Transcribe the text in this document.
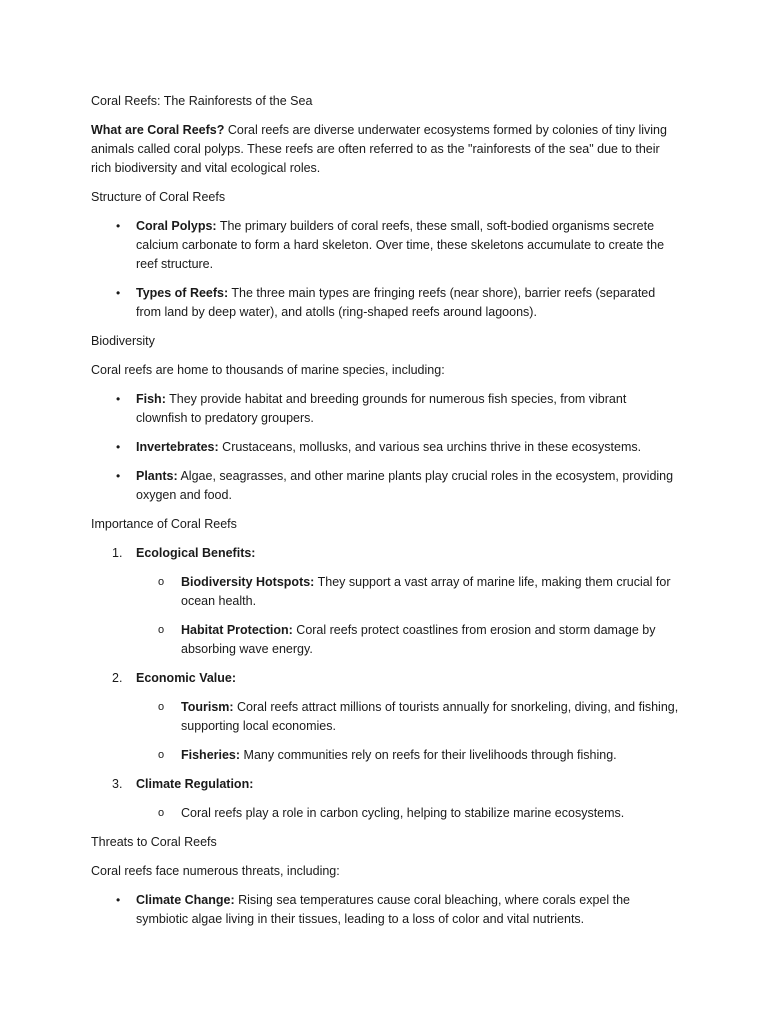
Coral Reefs: The Rainforests of the Sea

What are Coral Reefs? Coral reefs are diverse underwater ecosystems formed by colonies of tiny living animals called coral polyps. These reefs are often referred to as the "rainforests of the sea" due to their rich biodiversity and vital ecological roles.

Structure of Coral Reefs

• Coral Polyps: The primary builders of coral reefs, these small, soft-bodied organisms secrete calcium carbonate to form a hard skeleton. Over time, these skeletons accumulate to create the reef structure.
• Types of Reefs: The three main types are fringing reefs (near shore), barrier reefs (separated from land by deep water), and atolls (ring-shaped reefs around lagoons).

Biodiversity

Coral reefs are home to thousands of marine species, including:

• Fish: They provide habitat and breeding grounds for numerous fish species, from vibrant clownfish to predatory groupers.
• Invertebrates: Crustaceans, mollusks, and various sea urchins thrive in these ecosystems.
• Plants: Algae, seagrasses, and other marine plants play crucial roles in the ecosystem, providing oxygen and food.

Importance of Coral Reefs

1. Ecological Benefits:

o Biodiversity Hotspots: They support a vast array of marine life, making them crucial for ocean health.
o Habitat Protection: Coral reefs protect coastlines from erosion and storm damage by absorbing wave energy.
2. Economic Value:

o Tourism: Coral reefs attract millions of tourists annually for snorkeling, diving, and fishing, supporting local economies.
o Fisheries: Many communities rely on reefs for their livelihoods through fishing.
3. Climate Regulation:

o Coral reefs play a role in carbon cycling, helping to stabilize marine ecosystems.

Threats to Coral Reefs

Coral reefs face numerous threats, including:

• Climate Change: Rising sea temperatures cause coral bleaching, where corals expel the symbiotic algae living in their tissues, leading to a loss of color and vital nutrients.
